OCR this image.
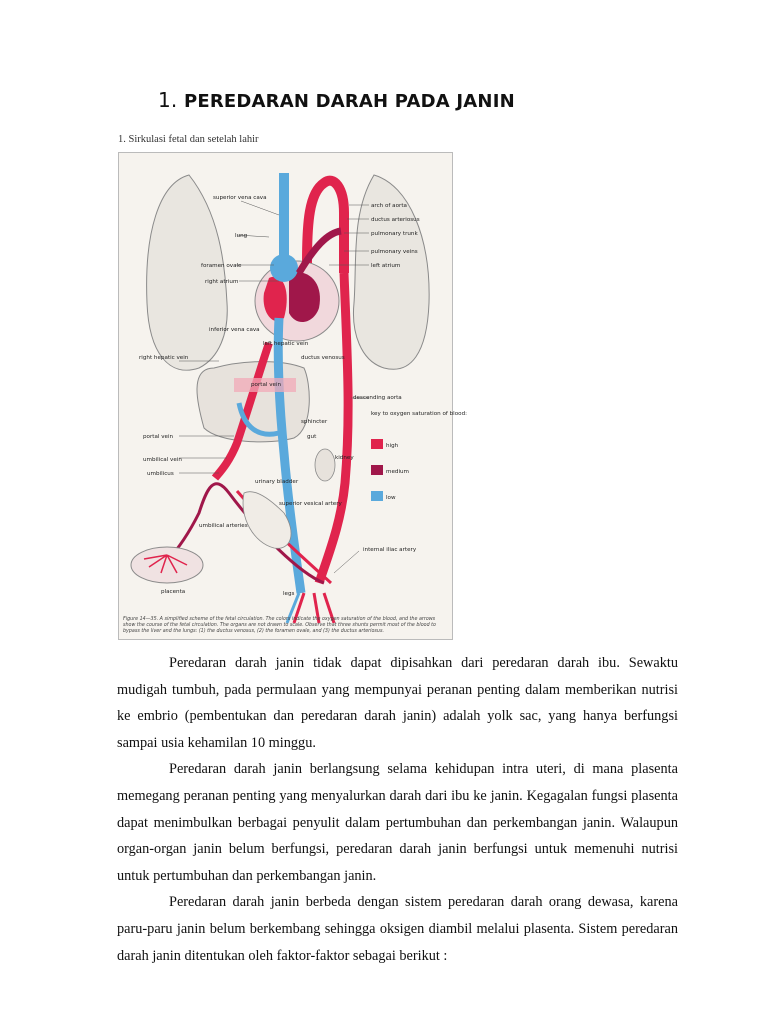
1. PEREDARAN DARAH PADA JANIN
1. Sirkulasi fetal dan setelah lahir
superior vena cava
lung
foramen ovale
right atrium
arch of aorta
ductus arteriosus
pulmonary trunk
pulmonary veins
left atrium
inferior vena cava
left hepatic vein
ductus venosus
right hepatic vein
descending aorta
portal vein
sphincter
gut
portal vein
umbilical vein
umbilicus
kidney
urinary bladder
superior vesical artery
umbilical arteries
internal iliac artery
placenta	legs
key to oxygen saturation of blood:
high
medium
low
Figure 14—35. A simplified scheme of the fetal circulation. The colors indicate the oxygen saturation of the blood, and the arrows show the course of the fetal circulation. The organs are not drawn to scale. Observe that three shunts permit most of the blood to bypass the liver and the lungs: (1) the ductus venosus, (2) the foramen ovale, and (3) the ductus arteriosus.

Peredaran darah janin tidak dapat dipisahkan dari peredaran darah ibu. Sewaktu mudigah tumbuh, pada permulaan yang mempunyai peranan penting dalam memberikan nutrisi ke embrio (pembentukan dan peredaran darah janin) adalah yolk sac, yang hanya berfungsi sampai usia kehamilan 10 minggu.

Peredaran darah janin berlangsung selama kehidupan intra uteri, di mana plasenta memegang peranan penting yang menyalurkan darah dari ibu ke janin. Kegagalan fungsi plasenta dapat menimbulkan berbagai penyulit dalam pertumbuhan dan perkembangan janin. Walaupun organ-organ janin belum berfungsi, peredaran darah janin berfungsi untuk memenuhi nutrisi untuk pertumbuhan dan perkembangan janin.

Peredaran darah janin berbeda dengan sistem peredaran darah orang dewasa, karena paru-paru janin belum berkembang sehingga oksigen diambil melalui plasenta. Sistem peredaran darah janin ditentukan oleh faktor-faktor sebagai berikut :
